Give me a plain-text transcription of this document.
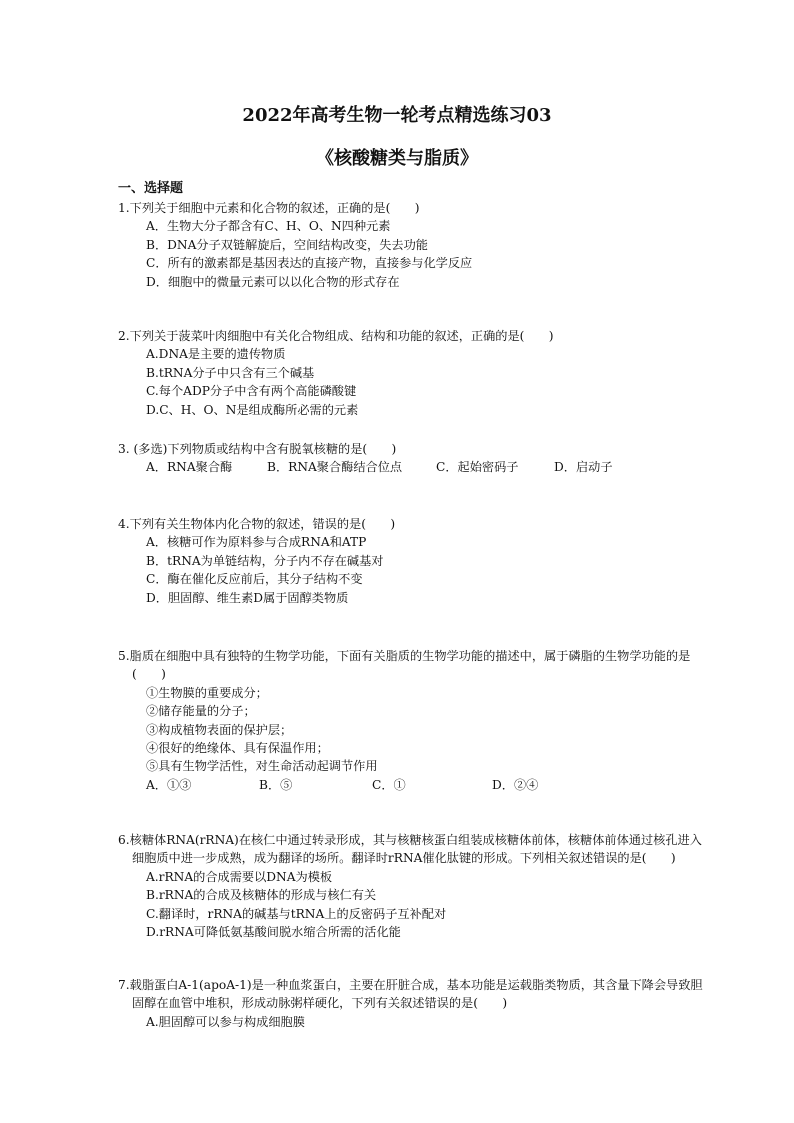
2022年高考生物一轮考点精选练习03
《核酸糖类与脂质》
一、选择题
1.下列关于细胞中元素和化合物的叙述，正确的是(　　)
A．生物大分子都含有C、H、O、N四种元素
B．DNA分子双链解旋后，空间结构改变，失去功能
C．所有的激素都是基因表达的直接产物，直接参与化学反应
D．细胞中的微量元素可以以化合物的形式存在
2.下列关于菠菜叶肉细胞中有关化合物组成、结构和功能的叙述，正确的是(　　)
A.DNA是主要的遗传物质
B.tRNA分子中只含有三个碱基
C.每个ADP分子中含有两个高能磷酸键
D.C、H、O、N是组成酶所必需的元素
3. (多选)下列物质或结构中含有脱氧核糖的是(　　)
A．RNA聚合酶	B．RNA聚合酶结合位点	C．起始密码子	D．启动子
4.下列有关生物体内化合物的叙述，错误的是(　　)
A．核糖可作为原料参与合成RNA和ATP
B．tRNA为单链结构，分子内不存在碱基对
C．酶在催化反应前后，其分子结构不变
D．胆固醇、维生素D属于固醇类物质
5.脂质在细胞中具有独特的生物学功能，下面有关脂质的生物学功能的描述中，属于磷脂的生物学功能的是(　　)
①生物膜的重要成分；
②储存能量的分子；
③构成植物表面的保护层；
④很好的绝缘体、具有保温作用；
⑤具有生物学活性，对生命活动起调节作用
A．①③	B．⑤	C．①	D．②④
6.核糖体RNA(rRNA)在核仁中通过转录形成，其与核糖核蛋白组装成核糖体前体，核糖体前体通过核孔进入细胞质中进一步成熟，成为翻译的场所。翻译时rRNA催化肽键的形成。下列相关叙述错误的是(　　)
A.rRNA的合成需要以DNA为模板
B.rRNA的合成及核糖体的形成与核仁有关
C.翻译时，rRNA的碱基与tRNA上的反密码子互补配对
D.rRNA可降低氨基酸间脱水缩合所需的活化能
7.载脂蛋白A-1(apoA-1)是一种血浆蛋白，主要在肝脏合成，基本功能是运载脂类物质，其含量下降会导致胆固醇在血管中堆积，形成动脉粥样硬化，下列有关叙述错误的是(　　)
A.胆固醇可以参与构成细胞膜
